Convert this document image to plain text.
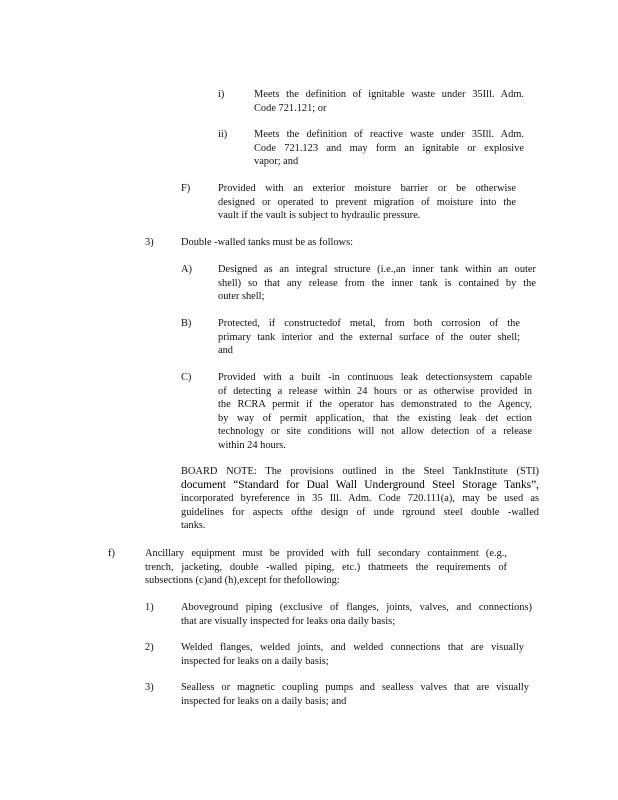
i)	Meets the definition of ignitable waste under 35Ill. Adm.
Code 721.121; or
ii)	Meets the definition of reactive waste under 35Ill. Adm.
Code 721.123 and may form an ignitable or explosive
vapor; and
F)	Provided with an exterior moisture barrier or be otherwise
designed or operated to prevent migration of moisture into the
vault if the vault is subject to hydraulic pressure.
3)	Double -walled tanks must be as follows:
A)	Designed as an integral structure (i.e.,an inner tank within an outer
shell) so that any release from the inner tank is contained by the
outer shell;
B)	Protected, if constructedof metal, from both corrosion of the
primary tank interior and the external surface of the outer shell;
and
C)	Provided with a built -in continuous leak detectionsystem capable
of detecting a release within 24 hours or as otherwise provided in
the RCRA permit if the operator has demonstrated to the Agency,
by way of permit application, that the existing leak det ection
technology or site conditions will not allow detection of a release
within 24 hours.
BOARD NOTE: The provisions outlined in the Steel TankInstitute (STI)
document “Standard for Dual Wall Underground Steel Storage Tanks”,
incorporated byreference in 35 Ill. Adm. Code 720.111(a), may be used as
guidelines for aspects ofthe design of unde rground steel double -walled
tanks.
f)	Ancillary equipment must be provided with full secondary containment (e.g.,
trench, jacketing, double -walled piping, etc.) thatmeets the requirements of
subsections (c)and (h),except for thefollowing:
1)	Aboveground piping (exclusive of flanges, joints, valves, and connections)
that are visually inspected for leaks ona daily basis;
2)	Welded flanges, welded joints, and welded connections that are visually
inspected for leaks on a daily basis;
3)	Sealless or magnetic coupling pumps and sealless valves that are visually
inspected for leaks on a daily basis; and
